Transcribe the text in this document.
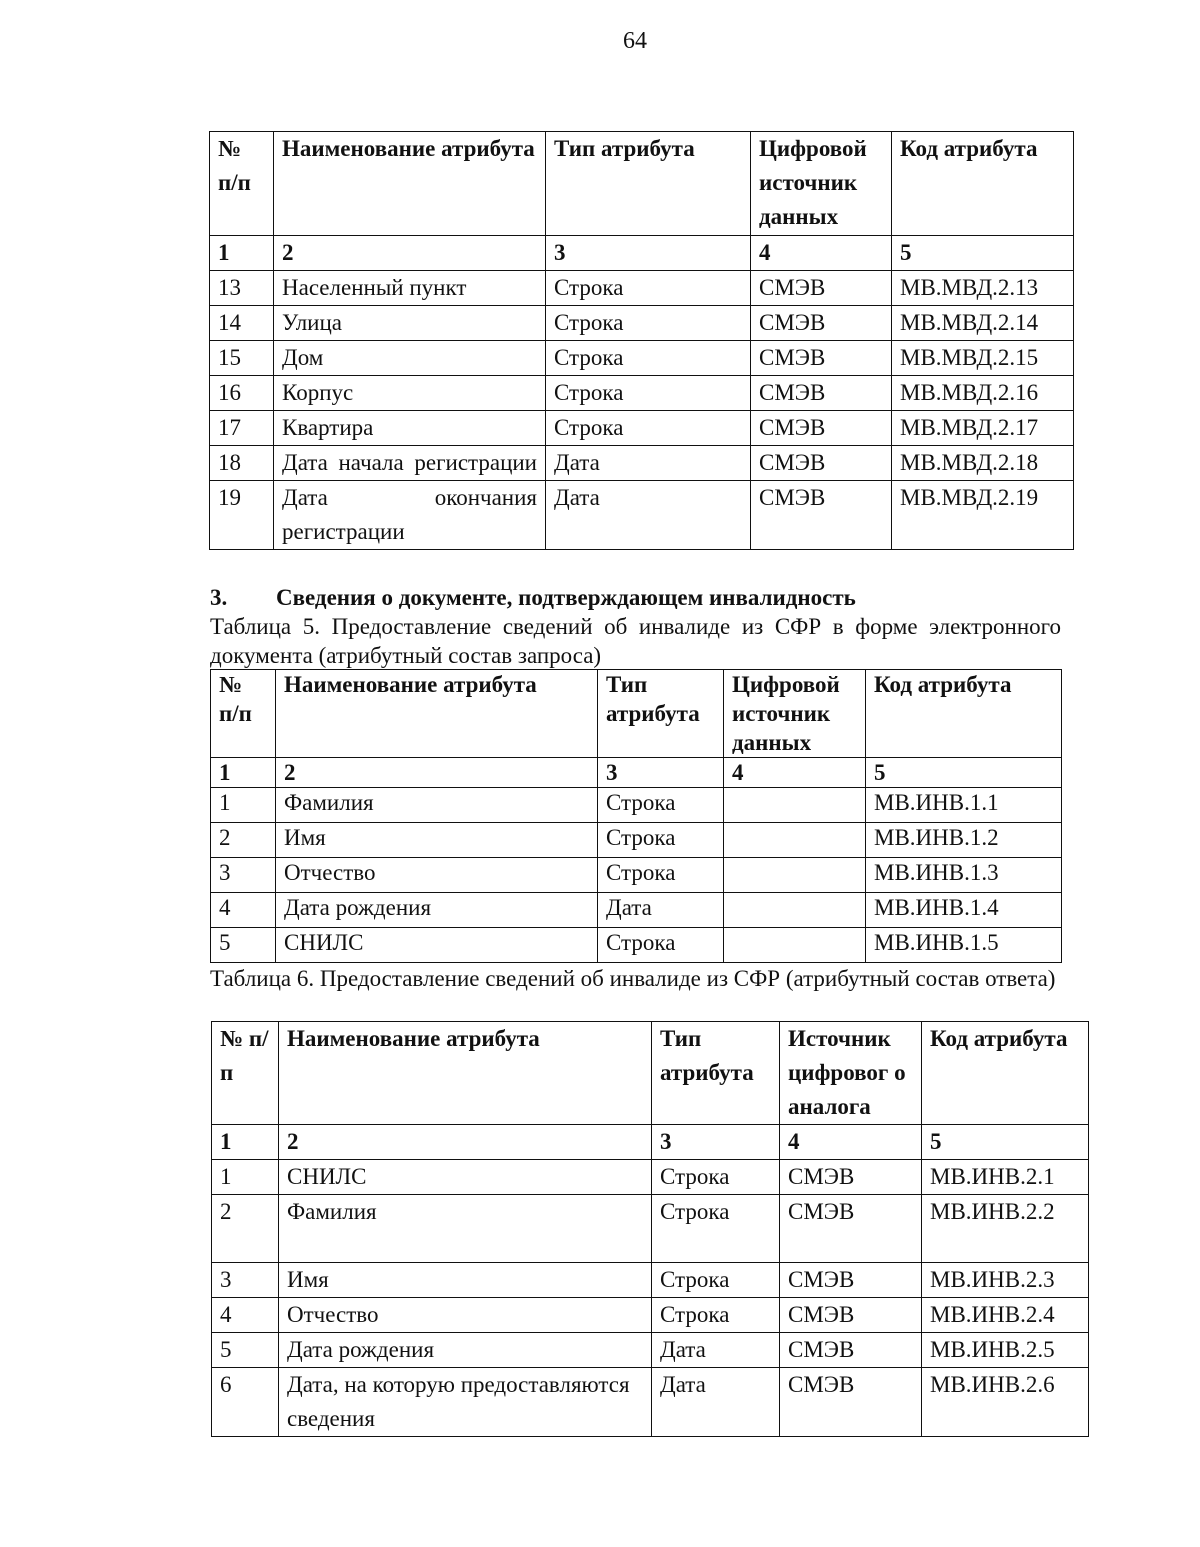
64
№ п/п	Наименование атрибута	Тип атрибута	Цифровой источник данных	Код атрибута
1	2	3	4	5
13	Населенный пункт	Строка	СМЭВ	МВ.МВД.2.13
14	Улица	Строка	СМЭВ	МВ.МВД.2.14
15	Дом	Строка	СМЭВ	МВ.МВД.2.15
16	Корпус	Строка	СМЭВ	МВ.МВД.2.16
17	Квартира	Строка	СМЭВ	МВ.МВД.2.17
18	Дата начала регистрации	Дата	СМЭВ	МВ.МВД.2.18
19	Дата окончания регистрации	Дата	СМЭВ	МВ.МВД.2.19
3. Сведения о документе, подтверждающем инвалидность
Таблица 5. Предоставление сведений об инвалиде из СФР в форме электронного документа (атрибутный состав запроса)
№ п/п	Наименование атрибута	Тип атрибута	Цифровой источник данных	Код атрибута
1	2	3	4	5
1	Фамилия	Строка		МВ.ИНВ.1.1
2	Имя	Строка		МВ.ИНВ.1.2
3	Отчество	Строка		МВ.ИНВ.1.3
4	Дата рождения	Дата		МВ.ИНВ.1.4
5	СНИЛС	Строка		МВ.ИНВ.1.5
Таблица 6. Предоставление сведений об инвалиде из СФР (атрибутный состав ответа)
№ п/п	Наименование атрибута	Тип атрибута	Источник цифровог о аналога	Код атрибута
1	2	3	4	5
1	СНИЛС	Строка	СМЭВ	МВ.ИНВ.2.1
2	Фамилия	Строка	СМЭВ	МВ.ИНВ.2.2
3	Имя	Строка	СМЭВ	МВ.ИНВ.2.3
4	Отчество	Строка	СМЭВ	МВ.ИНВ.2.4
5	Дата рождения	Дата	СМЭВ	МВ.ИНВ.2.5
6	Дата, на которую предоставляются сведения	Дата	СМЭВ	МВ.ИНВ.2.6
